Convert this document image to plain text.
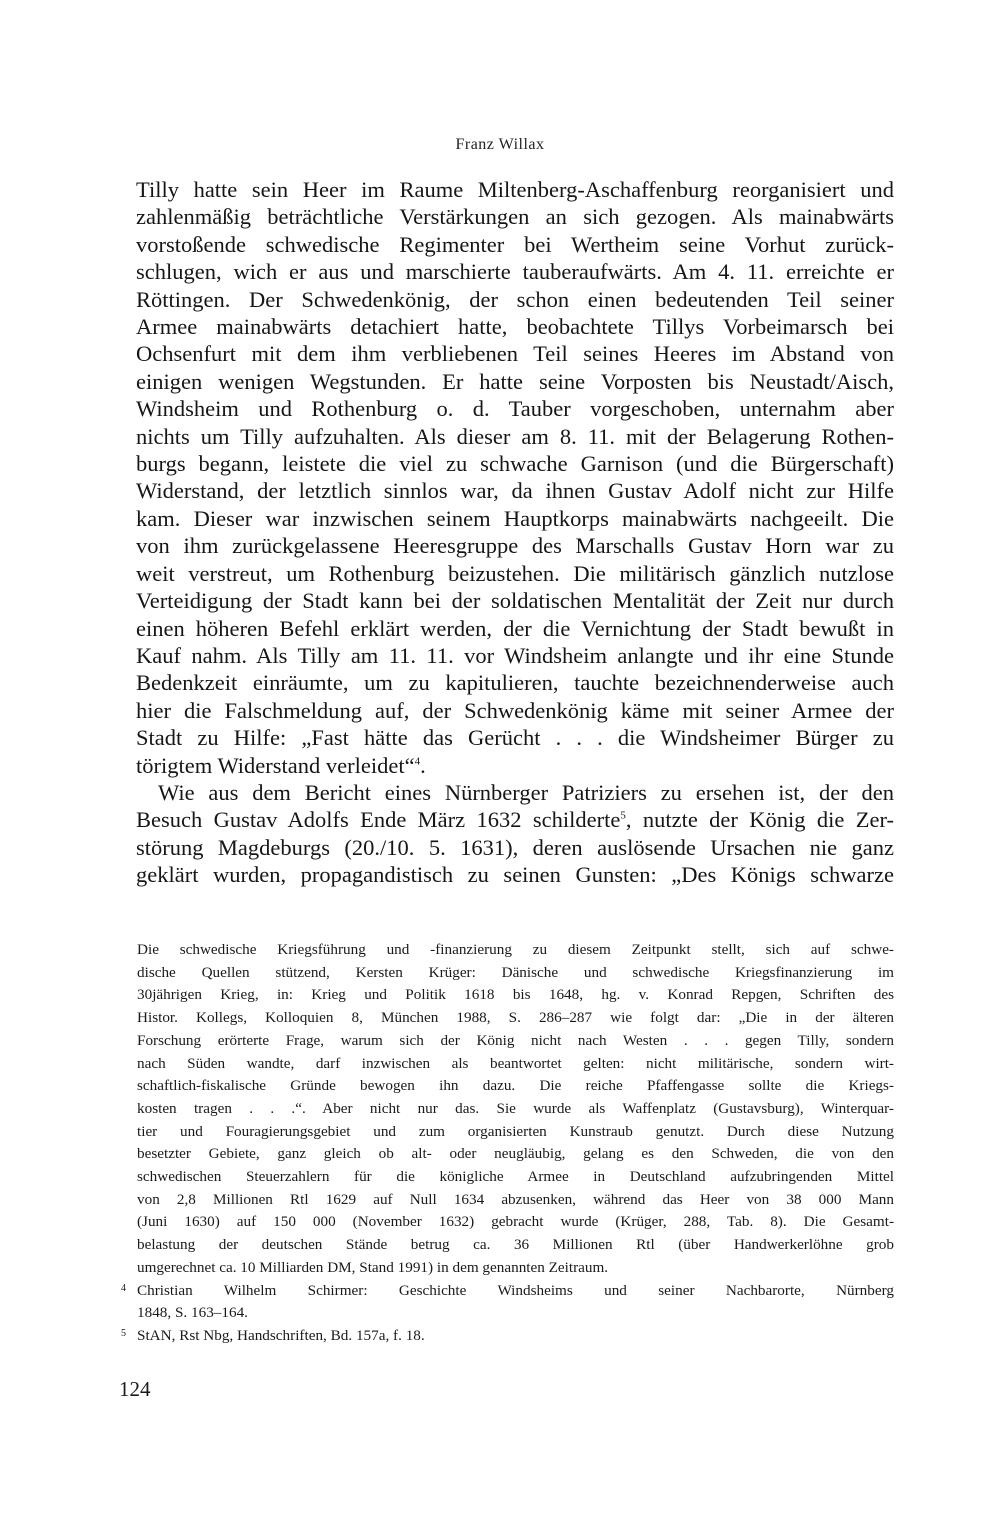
Franz Willax
Tilly hatte sein Heer im Raume Miltenberg-Aschaffenburg reorganisiert und
zahlenmäßig beträchtliche Verstärkungen an sich gezogen. Als mainabwärts
vorstoßende schwedische Regimenter bei Wertheim seine Vorhut zurück-
schlugen, wich er aus und marschierte tauberaufwärts. Am 4. 11. erreichte er
Röttingen. Der Schwedenkönig, der schon einen bedeutenden Teil seiner
Armee mainabwärts detachiert hatte, beobachtete Tillys Vorbeimarsch bei
Ochsenfurt mit dem ihm verbliebenen Teil seines Heeres im Abstand von
einigen wenigen Wegstunden. Er hatte seine Vorposten bis Neustadt/Aisch,
Windsheim und Rothenburg o. d. Tauber vorgeschoben, unternahm aber
nichts um Tilly aufzuhalten. Als dieser am 8. 11. mit der Belagerung Rothen-
burgs begann, leistete die viel zu schwache Garnison (und die Bürgerschaft)
Widerstand, der letztlich sinnlos war, da ihnen Gustav Adolf nicht zur Hilfe
kam. Dieser war inzwischen seinem Hauptkorps mainabwärts nachgeeilt. Die
von ihm zurückgelassene Heeresgruppe des Marschalls Gustav Horn war zu
weit verstreut, um Rothenburg beizustehen. Die militärisch gänzlich nutzlose
Verteidigung der Stadt kann bei der soldatischen Mentalität der Zeit nur durch
einen höheren Befehl erklärt werden, der die Vernichtung der Stadt bewußt in
Kauf nahm. Als Tilly am 11. 11. vor Windsheim anlangte und ihr eine Stunde
Bedenkzeit einräumte, um zu kapitulieren, tauchte bezeichnenderweise auch
hier die Falschmeldung auf, der Schwedenkönig käme mit seiner Armee der
Stadt zu Hilfe: „Fast hätte das Gerücht . . . die Windsheimer Bürger zu
törigtem Widerstand verleidet“$^4$.
Wie aus dem Bericht eines Nürnberger Patriziers zu ersehen ist, der den
Besuch Gustav Adolfs Ende März 1632 schilderte$^5$, nutzte der König die Zer-
störung Magdeburgs (20./10. 5. 1631), deren auslösende Ursachen nie ganz
geklärt wurden, propagandistisch zu seinen Gunsten: „Des Königs schwarze
Die schwedische Kriegsführung und -finanzierung zu diesem Zeitpunkt stellt, sich auf schwe-
dische Quellen stützend, Kersten Krüger: Dänische und schwedische Kriegsfinanzierung im
30jährigen Krieg, in: Krieg und Politik 1618 bis 1648, hg. v. Konrad Repgen, Schriften des
Histor. Kollegs, Kolloquien 8, München 1988, S. 286–287 wie folgt dar: „Die in der älteren
Forschung erörterte Frage, warum sich der König nicht nach Westen . . . gegen Tilly, sondern
nach Süden wandte, darf inzwischen als beantwortet gelten: nicht militärische, sondern wirt-
schaftlich-fiskalische Gründe bewogen ihn dazu. Die reiche Pfaffengasse sollte die Kriegs-
kosten tragen . . .“. Aber nicht nur das. Sie wurde als Waffenplatz (Gustavsburg), Winterquar-
tier und Fouragierungsgebiet und zum organisierten Kunstraub genutzt. Durch diese Nutzung
besetzter Gebiete, ganz gleich ob alt- oder neugläubig, gelang es den Schweden, die von den
schwedischen Steuerzahlern für die königliche Armee in Deutschland aufzubringenden Mittel
von 2,8 Millionen Rtl 1629 auf Null 1634 abzusenken, während das Heer von 38 000 Mann
(Juni 1630) auf 150 000 (November 1632) gebracht wurde (Krüger, 288, Tab. 8). Die Gesamt-
belastung der deutschen Stände betrug ca. 36 Millionen Rtl (über Handwerkerlöhne grob
umgerechnet ca. 10 Milliarden DM, Stand 1991) in dem genannten Zeitraum.
4 Christian Wilhelm Schirmer: Geschichte Windsheims und seiner Nachbarorte, Nürnberg
1848, S. 163–164.
5 StAN, Rst Nbg, Handschriften, Bd. 157a, f. 18.
124
